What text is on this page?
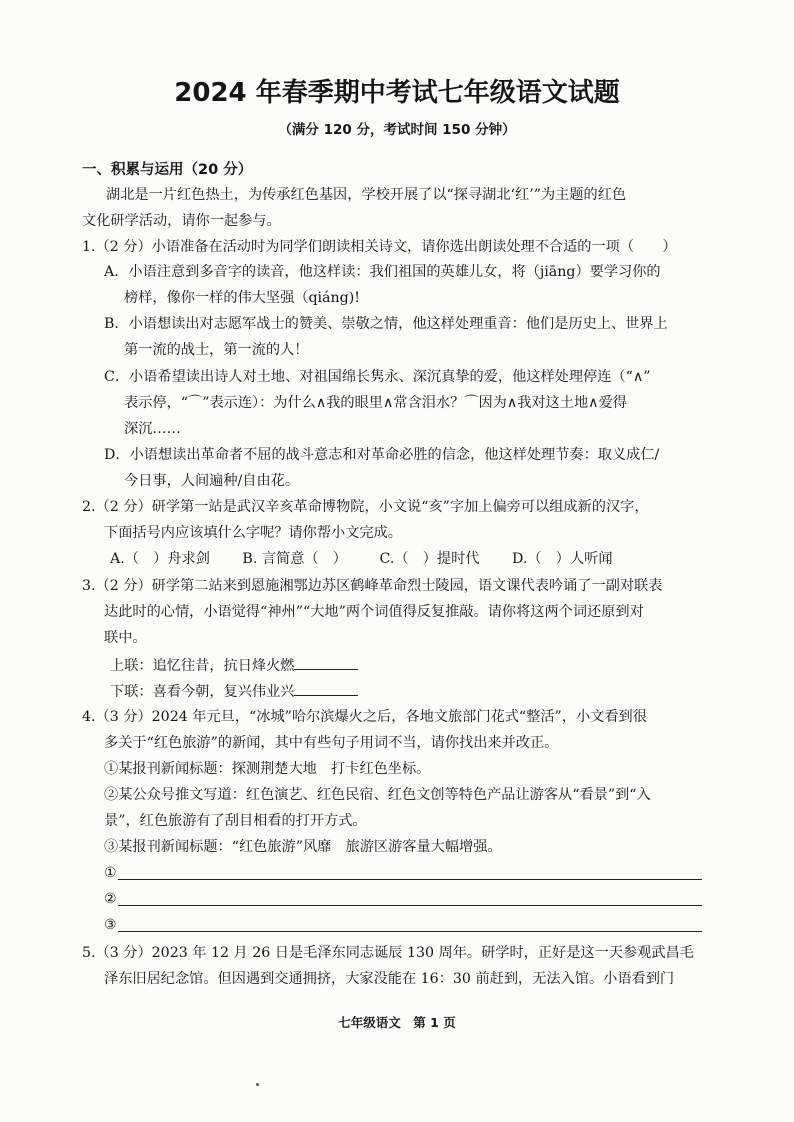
2024 年春季期中考试七年级语文试题
（满分 120 分，考试时间 150 分钟）
一、积累与运用（20 分）
湖北是一片红色热土，为传承红色基因，学校开展了以“探寻湖北‘红’”为主题的红色
文化研学活动，请你一起参与。
1.（2 分）小语准备在活动时为同学们朗读相关诗文，请你选出朗读处理不合适的一项（　　）
A．小语注意到多音字的读音，他这样读：我们祖国的英雄儿女，将（jiāng）要学习你的
榜样，像你一样的伟大坚强（qiáng)!
B．小语想读出对志愿军战士的赞美、崇敬之情，他这样处理重音：他们是历史上、世界上
第一流的战士，第一流的人！
C．小语希望读出诗人对土地、对祖国绵长隽永、深沉真挚的爱，他这样处理停连（“∧”
表示停，“⌒”表示连）：为什么∧我的眼里∧常含泪水？⌒因为∧我对这土地∧爱得
深沉……
D．小语想读出革命者不屈的战斗意志和对革命必胜的信念，他这样处理节奏：取义成仁/
今日事，人间遍种/自由花。
2.（2 分）研学第一站是武汉辛亥革命博物院，小文说“亥”字加上偏旁可以组成新的汉字，
下面括号内应该填什么字呢？请你帮小文完成。
A.（　）舟求剑 B. 言简意（　） C.（　）提时代 D.（　）人听闻
3.（2 分）研学第二站来到恩施湘鄂边苏区鹤峰革命烈士陵园，语文课代表吟诵了一副对联表
达此时的心情，小语觉得“神州”“大地”两个词值得反复推敲。请你将这两个词还原到对
联中。
上联：追忆往昔，抗日烽火燃
下联：喜看今朝，复兴伟业兴
4.（3 分）2024 年元旦，“冰城”哈尔滨爆火之后，各地文旅部门花式“整活”，小文看到很
多关于“红色旅游”的新闻，其中有些句子用词不当，请你找出来并改正。
①某报刊新闻标题：探测荆楚大地　打卡红色坐标。
②某公众号推文写道：红色演艺、红色民宿、红色文创等特色产品让游客从“看景”到“入
景”，红色旅游有了刮目相看的打开方式。
③某报刊新闻标题：“红色旅游”风靡　旅游区游客量大幅增强。
①
②
③
5.（3 分）2023 年 12 月 26 日是毛泽东同志诞辰 130 周年。研学时，正好是这一天参观武昌毛
泽东旧居纪念馆。但因遇到交通拥挤，大家没能在 16：30 前赶到，无法入馆。小语看到门
七年级语文　第 1 页
